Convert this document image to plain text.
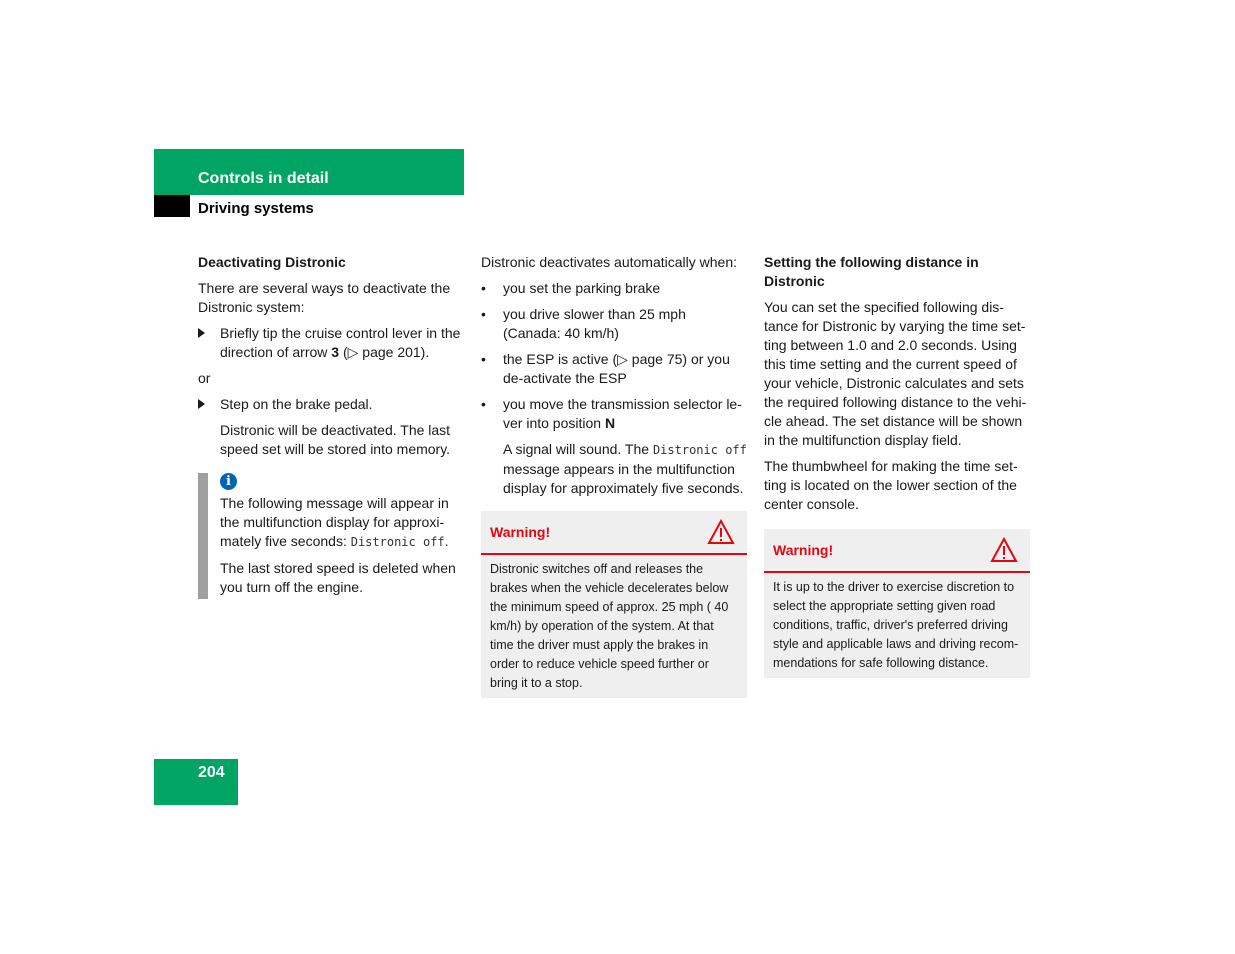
Controls in detail
Driving systems
Deactivating Distronic
There are several ways to deactivate the Distronic system:
Briefly tip the cruise control lever in the direction of arrow 3 (▷ page 201).
or
Step on the brake pedal.
Distronic will be deactivated. The last speed set will be stored into memory.
i
The following message will appear in the multifunction display for approxi-mately five seconds: Distronic off.
The last stored speed is deleted when you turn off the engine.
Distronic deactivates automatically when:
•	you set the parking brake
•	you drive slower than 25 mph (Canada: 40 km/h)
•	the ESP is active (▷ page 75) or you de-activate the ESP
•	you move the transmission selector le-ver into position N
A signal will sound. The Distronic off message appears in the multifunction display for approximately five seconds.
Warning!
Distronic switches off and releases the brakes when the vehicle decelerates below the minimum speed of approx. 25 mph ( 40 km/h) by operation of the system. At that time the driver must apply the brakes in order to reduce vehicle speed further or bring it to a stop.
Setting the following distance in Distronic
You can set the specified following dis-tance for Distronic by varying the time set-ting between 1.0 and 2.0 seconds. Using this time setting and the current speed of your vehicle, Distronic calculates and sets the required following distance to the vehi-cle ahead. The set distance will be shown in the multifunction display field.
The thumbwheel for making the time set-ting is located on the lower section of the center console.
Warning!
It is up to the driver to exercise discretion to select the appropriate setting given road conditions, traffic, driver's preferred driving style and applicable laws and driving recom-mendations for safe following distance.
204
